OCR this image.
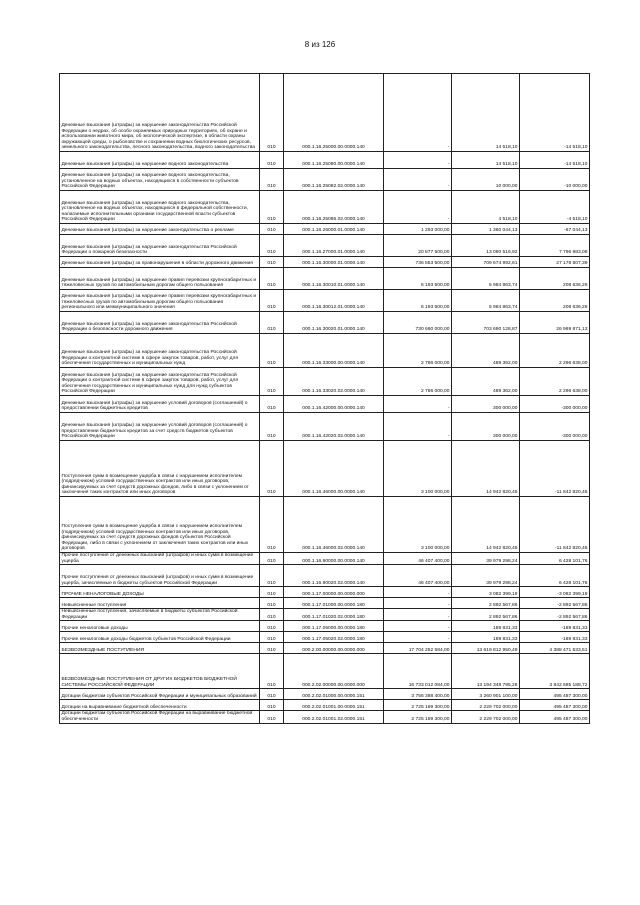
8 из 126
Денежные взыскания (штрафы) за нарушение законодательства Российской Федерации о недрах, об особо охраняемых природных территориях, об охране и использовании животного мира, об экологической экспертизе, в области охраны окружающей среды, о рыболовстве и сохранении водных биологических ресурсов, земельного законодательства, лесного законодательства, водного законодательства	010	000.1.16.25000.00.0000.140	-	14 518,10	-14 518,10
Денежные взыскания (штрафы) за нарушение водного законодательства	010	000.1.16.25080.00.0000.140	-	14 518,10	-14 518,10
Денежные взыскания (штрафы) за нарушение водного законодательства, установленное на водных объектах, находящихся в собственности субъектов Российской Федерации	010	000.1.16.25082.02.0000.140	-	10 000,00	-10 000,00
Денежные взыскания (штрафы) за нарушение водного законодательства, установленное на водных объектах, находящихся в федеральной собственности, налагаемые исполнительными органами государственной власти субъектов Российской Федерации	010	000.1.16.25086.02.0000.140	-	4 518,10	-4 518,10
Денежные взыскания (штрафы) за нарушение законодательства о рекламе	010	000.1.16.26000.01.0000.140	1 293 000,00	1 360 044,13	-67 044,13
Денежные взыскания (штрафы) за нарушение законодательства Российской Федерации о пожарной безопасности	010	000.1.16.27000.01.0000.140	20 877 500,00	13 080 516,92	7 796 983,08
Денежные взыскания (штрафы) за правонарушения в области дорожного движения	010	000.1.16.30000.01.0000.140	736 853 500,00	709 674 992,61	27 178 507,39
Денежные взыскания (штрафы) за нарушение правил перевозки крупногабаритных и тяжеловесных грузов по автомобильным дорогам общего пользования	010	000.1.16.30010.01.0000.140	6 193 500,00	5 984 863,74	208 636,26
Денежные взыскания (штрафы) за нарушение правил перевозки крупногабаритных и тяжеловесных грузов по автомобильным дорогам общего пользования регионального или межмуниципального значения	010	000.1.16.30012.01.0000.140	6 193 500,00	5 984 863,74	208 636,26
Денежные взыскания (штрафы) за нарушение законодательства Российской Федерации о безопасности дорожного движения	010	000.1.16.30020.01.0000.140	730 660 000,00	703 690 128,87	26 969 871,13
Денежные взыскания (штрафы) за нарушение законодательства Российской Федерации о контрактной системе в сфере закупок товаров, работ, услуг для обеспечения государственных и муниципальных нужд	010	000.1.16.33000.00.0000.140	2 786 000,00	489 362,00	2 296 638,00
Денежные взыскания (штрафы) за нарушение законодательства Российской Федерации о контрактной системе в сфере закупок товаров, работ, услуг для обеспечения государственных и муниципальных нужд для нужд субъектов Российской Федерации	010	000.1.16.33020.02.0000.140	2 786 000,00	489 362,00	2 296 638,00
Денежные взыскания (штрафы) за нарушение условий договоров (соглашений) о предоставлении бюджетных кредитов	010	000.1.16.42000.00.0000.140	-	300 000,00	-300 000,00
Денежные взыскания (штрафы) за нарушение условий договоров (соглашений) о предоставлении бюджетных кредитов за счет средств бюджетов субъектов Российской Федерации	010	000.1.16.42020.02.0000.140	-	300 000,00	-300 000,00
Поступления сумм в возмещение ущерба в связи с нарушением исполнителем (подрядчиком) условий государственных контрактов или иных договоров, финансируемых за счет средств дорожных фондов, либо в связи с уклонением от заключения таких контрактов или иных договоров	010	000.1.16.46000.00.0000.140	3 100 000,00	14 942 820,45	-11 842 820,45
Поступления сумм в возмещение ущерба в связи с нарушением исполнителем (подрядчиком) условий государственных контрактов или иных договоров, финансируемых за счет средств дорожных фондов субъектов Российской Федерации, либо в связи с уклонением от заключения таких контрактов или иных договоров	010	000.1.16.46000.02.0000.140	3 100 000,00	14 942 820,45	-11 842 820,45
Прочие поступления от денежных взысканий (штрафов) и иных сумм в возмещение ущерба	010	000.1.16.90000.00.0000.140	46 407 400,00	39 979 298,24	6 428 101,76
Прочие поступления от денежных взысканий (штрафов) и иных сумм в возмещение ущерба, зачисляемые в бюджеты субъектов Российской Федерации	010	000.1.16.90020.02.0000.140	46 407 400,00	39 979 298,24	6 428 101,76
ПРОЧИЕ НЕНАЛОГОВЫЕ ДОХОДЫ	010	000.1.17.00000.00.0000.000	-	3 082 399,19	-3 082 399,19
Невыясненные поступления	010	000.1.17.01000.00.0000.180	-	2 892 567,86	-2 892 567,86
Невыясненные поступления, зачисляемые в бюджеты субъектов Российской Федерации	010	000.1.17.01020.02.0000.180	-	2 892 567,86	-2 892 567,86
Прочие неналоговые доходы	010	000.1.17.05000.00.0000.180	-	189 831,33	-189 831,33
Прочие неналоговые доходы бюджетов субъектов Российской Федерации	010	000.1.17.05020.02.0000.180	-	189 831,33	-189 831,33
БЕЗВОЗМЕЗДНЫЕ ПОСТУПЛЕНИЯ	010	000.2.00.00000.00.0000.000	17 704 252 584,00	13 619 812 950,49	4 388 471 533,51
БЕЗВОЗМЕЗДНЫЕ ПОСТУПЛЕНИЯ ОТ ДРУГИХ БЮДЖЕТОВ БЮДЖЕТНОЙ СИСТЕМЫ РОССИЙСКОЙ ФЕДЕРАЦИИ	010	000.2.02.00000.00.0000.000	16 733 012 084,00	13 194 348 795,28	3 842 685 188,72
Дотации бюджетам субъектов Российской Федерации и муниципальных образований	010	000.2.02.01000.00.0000.151	3 756 388 400,00	3 260 901 100,00	495 487 300,00
Дотации на выравнивание бюджетной обеспеченности	010	000.2.02.01001.00.0000.151	2 725 189 300,00	2 229 702 000,00	495 487 300,00
Дотации бюджетам субъектов Российской Федерации на выравнивание бюджетной обеспеченности	010	000.2.02.01001.02.0000.151	2 725 189 300,00	2 229 702 000,00	495 487 300,00
